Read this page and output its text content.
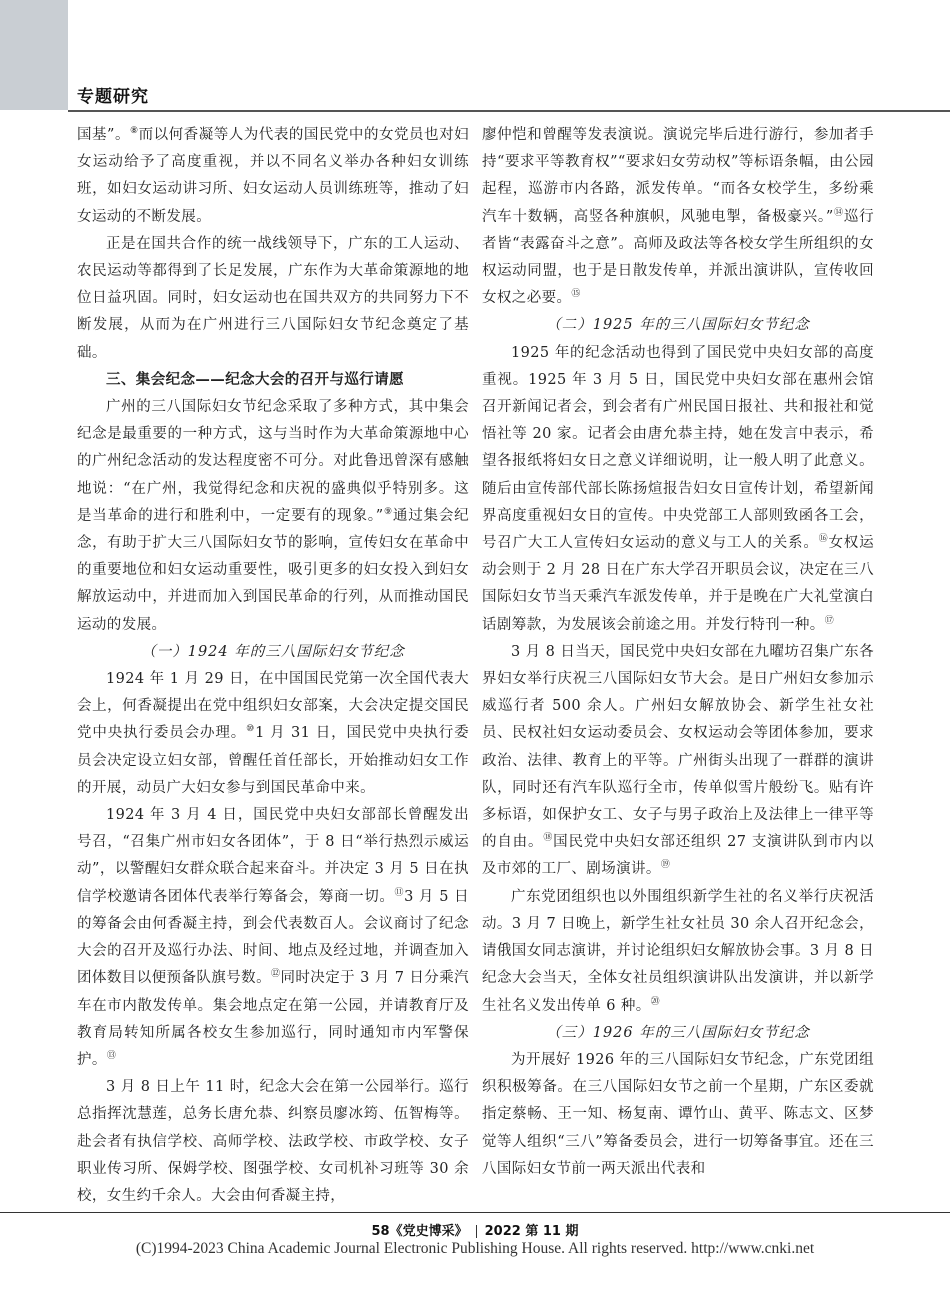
专题研究

国基”。⑧而以何香凝等人为代表的国民党中的女党员也对妇女运动给予了高度重视，并以不同名义举办各种妇女训练班，如妇女运动讲习所、妇女运动人员训练班等，推动了妇女运动的不断发展。

正是在国共合作的统一战线领导下，广东的工人运动、农民运动等都得到了长足发展，广东作为大革命策源地的地位日益巩固。同时，妇女运动也在国共双方的共同努力下不断发展，从而为在广州进行三八国际妇女节纪念奠定了基础。

三、集会纪念——纪念大会的召开与巡行请愿

广州的三八国际妇女节纪念采取了多种方式，其中集会纪念是最重要的一种方式，这与当时作为大革命策源地中心的广州纪念活动的发达程度密不可分。对此鲁迅曾深有感触地说：“在广州，我觉得纪念和庆祝的盛典似乎特别多。这是当革命的进行和胜利中，一定要有的现象。”⑨通过集会纪念，有助于扩大三八国际妇女节的影响，宣传妇女在革命中的重要地位和妇女运动重要性，吸引更多的妇女投入到妇女解放运动中，并进而加入到国民革命的行列，从而推动国民运动的发展。

（一）1924 年的三八国际妇女节纪念

1924 年 1 月 29 日，在中国国民党第一次全国代表大会上，何香凝提出在党中组织妇女部案，大会决定提交国民党中央执行委员会办理。⑩1 月 31 日，国民党中央执行委员会决定设立妇女部，曾醒任首任部长，开始推动妇女工作的开展，动员广大妇女参与到国民革命中来。

1924 年 3 月 4 日，国民党中央妇女部部长曾醒发出号召，“召集广州市妇女各团体”，于 8 日“举行热烈示威运动”，以警醒妇女群众联合起来奋斗。并决定 3 月 5 日在执信学校邀请各团体代表举行筹备会，筹商一切。⑪3 月 5 日的筹备会由何香凝主持，到会代表数百人。会议商讨了纪念大会的召开及巡行办法、时间、地点及经过地，并调查加入团体数目以便预备队旗号数。⑫同时决定于 3 月 7 日分乘汽车在市内散发传单。集会地点定在第一公园，并请教育厅及教育局转知所属各校女生参加巡行，同时通知市内军警保护。⑬

3 月 8 日上午 11 时，纪念大会在第一公园举行。巡行总指挥沈慧莲，总务长唐允恭、纠察员廖冰筠、伍智梅等。赴会者有执信学校、高师学校、法政学校、市政学校、女子职业传习所、保姆学校、图强学校、女司机补习班等 30 余校，女生约千余人。大会由何香凝主持，

廖仲恺和曾醒等发表演说。演说完毕后进行游行，参加者手持“要求平等教育权”“要求妇女劳动权”等标语条幅，由公园起程，巡游市内各路，派发传单。“而各女校学生，多纷乘汽车十数辆，高竖各种旗帜，风驰电掣，备极豪兴。”⑭巡行者皆“表露奋斗之意”。高师及政法等各校女学生所组织的女权运动同盟，也于是日散发传单，并派出演讲队，宣传收回女权之必要。⑮

（二）1925 年的三八国际妇女节纪念

1925 年的纪念活动也得到了国民党中央妇女部的高度重视。1925 年 3 月 5 日，国民党中央妇女部在惠州会馆召开新闻记者会，到会者有广州民国日报社、共和报社和觉悟社等 20 家。记者会由唐允恭主持，她在发言中表示，希望各报纸将妇女日之意义详细说明，让一般人明了此意义。随后由宣传部代部长陈扬煊报告妇女日宣传计划，希望新闻界高度重视妇女日的宣传。中央党部工人部则致函各工会，号召广大工人宣传妇女运动的意义与工人的关系。⑯女权运动会则于 2 月 28 日在广东大学召开职员会议，决定在三八国际妇女节当天乘汽车派发传单，并于是晚在广大礼堂演白话剧筹款，为发展该会前途之用。并发行特刊一种。⑰

3 月 8 日当天，国民党中央妇女部在九曜坊召集广东各界妇女举行庆祝三八国际妇女节大会。是日广州妇女参加示威巡行者 500 余人。广州妇女解放协会、新学生社女社员、民权社妇女运动委员会、女权运动会等团体参加，要求政治、法律、教育上的平等。广州街头出现了一群群的演讲队，同时还有汽车队巡行全市，传单似雪片般纷飞。贴有许多标语，如保护女工、女子与男子政治上及法律上一律平等的自由。⑱国民党中央妇女部还组织 27 支演讲队到市内以及市郊的工厂、剧场演讲。⑲

广东党团组织也以外围组织新学生社的名义举行庆祝活动。3 月 7 日晚上，新学生社女社员 30 余人召开纪念会，请俄国女同志演讲，并讨论组织妇女解放协会事。3 月 8 日纪念大会当天，全体女社员组织演讲队出发演讲，并以新学生社名义发出传单 6 种。⑳

（三）1926 年的三八国际妇女节纪念

为开展好 1926 年的三八国际妇女节纪念，广东党团组织积极筹备。在三八国际妇女节之前一个星期，广东区委就指定蔡畅、王一知、杨复南、谭竹山、黄平、陈志文、区梦觉等人组织“三八”筹备委员会，进行一切筹备事宜。还在三八国际妇女节前一两天派出代表和

58《党史博采》 2022 第 11 期
(C)1994-2023 China Academic Journal Electronic Publishing House. All rights reserved. http://www.cnki.net
